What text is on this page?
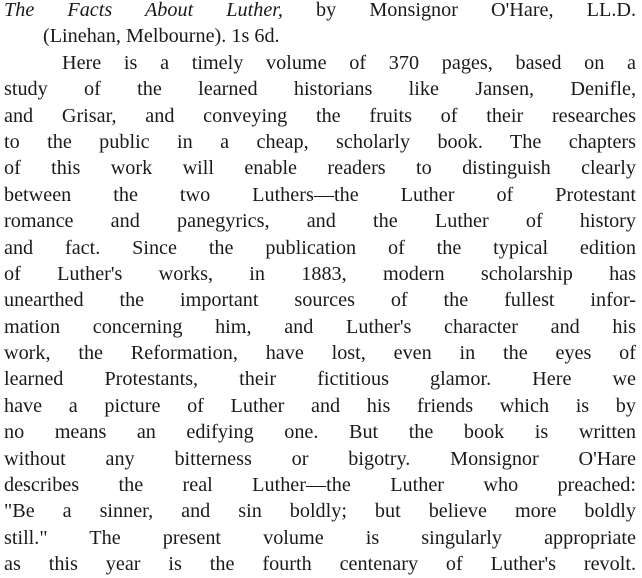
The Facts About Luther, by Monsignor O'Hare, LL.D.
(Linehan, Melbourne). 1s 6d.
Here is a timely volume of 370 pages, based on a
study of the learned historians like Jansen, Denifle,
and Grisar, and conveying the fruits of their researches
to the public in a cheap, scholarly book. The chapters
of this work will enable readers to distinguish clearly
between the two Luthers—the Luther of Protestant
romance and panegyrics, and the Luther of history
and fact. Since the publication of the typical edition
of Luther's works, in 1883, modern scholarship has
unearthed the important sources of the fullest infor-
mation concerning him, and Luther's character and his
work, the Reformation, have lost, even in the eyes of
learned Protestants, their fictitious glamor. Here we
have a picture of Luther and his friends which is by
no means an edifying one. But the book is written
without any bitterness or bigotry. Monsignor O'Hare
describes the real Luther—the Luther who preached:
"Be a sinner, and sin boldly; but believe more boldly
still." The present volume is singularly appropriate
as this year is the fourth centenary of Luther's revolt.
